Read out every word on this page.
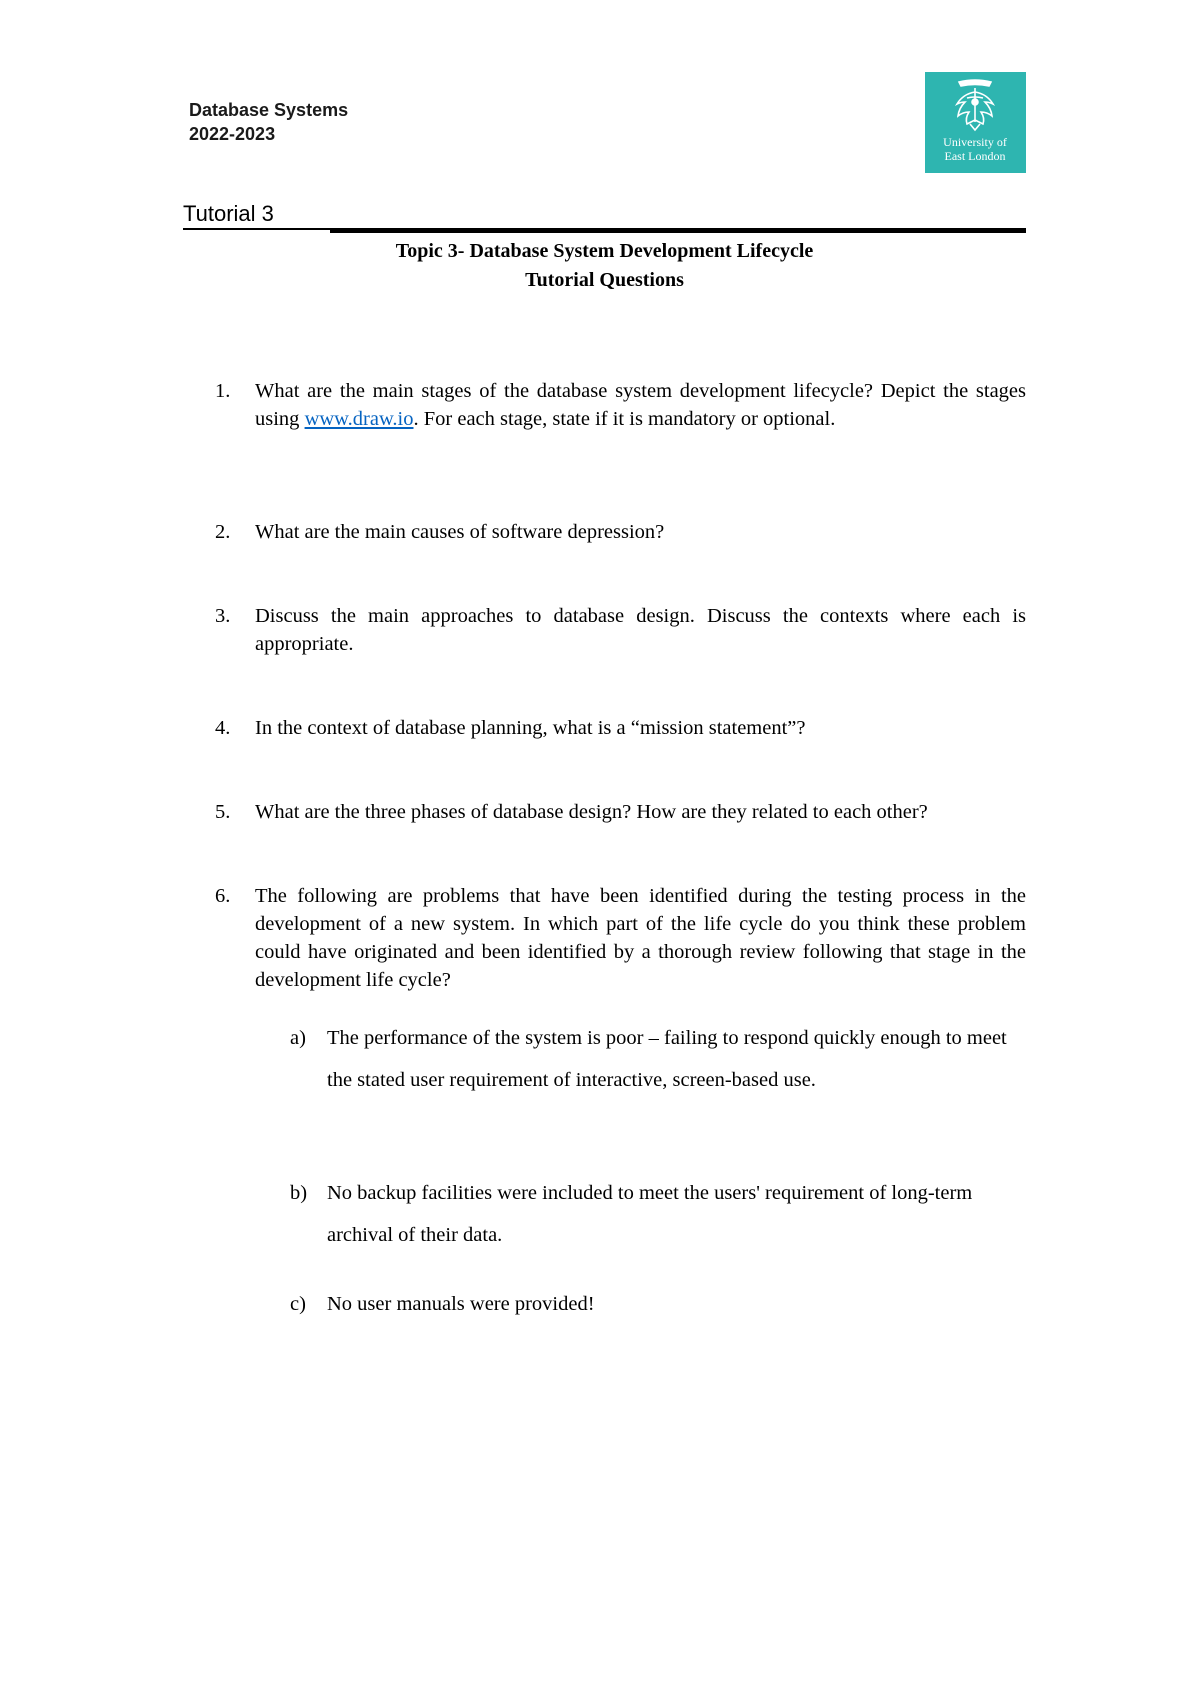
Database Systems
2022-2023	University of
East London
Tutorial 3
Topic 3- Database System Development Lifecycle
Tutorial Questions
1.	What are the main stages of the database system development lifecycle? Depict the stages using www.draw.io. For each stage, state if it is mandatory or optional.
2.	What are the main causes of software depression?
3.	Discuss the main approaches to database design. Discuss the contexts where each is appropriate.
4.	In the context of database planning, what is a “mission statement”?
5.	What are the three phases of database design? How are they related to each other?
6.	The following are problems that have been identified during the testing process in the development of a new system. In which part of the life cycle do you think these problem could have originated and been identified by a thorough review following that stage in the development life cycle?
a)	The performance of the system is poor – failing to respond quickly enough to meet the stated user requirement of interactive, screen-based use.
b) No backup facilities were included to meet the users' requirement of long-term archival of their data.
c)	No user manuals were provided!
